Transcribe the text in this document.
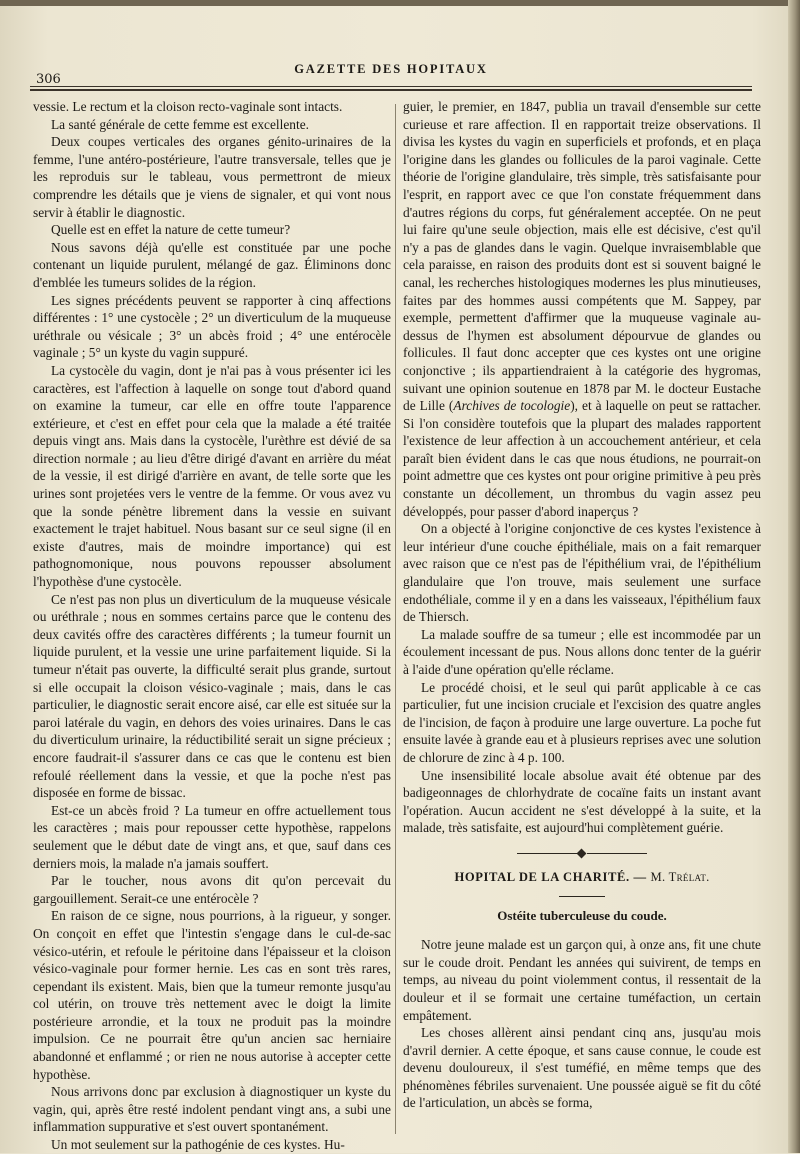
306
GAZETTE DES HOPITAUX

vessie. Le rectum et la cloison recto-vaginale sont intacts.

La santé générale de cette femme est excellente.

Deux coupes verticales des organes génito-urinaires de la femme, l'une antéro-postérieure, l'autre transversale, telles que je les reproduis sur le tableau, vous permettront de mieux comprendre les détails que je viens de signaler, et qui vont nous servir à établir le diagnostic.

Quelle est en effet la nature de cette tumeur?

Nous savons déjà qu'elle est constituée par une poche contenant un liquide purulent, mélangé de gaz. Éliminons donc d'emblée les tumeurs solides de la région.

Les signes précédents peuvent se rapporter à cinq affections différentes : 1° une cystocèle ; 2° un diverticulum de la muqueuse uréthrale ou vésicale ; 3° un abcès froid ; 4° une entérocèle vaginale ; 5° un kyste du vagin suppuré.

La cystocèle du vagin, dont je n'ai pas à vous présenter ici les caractères, est l'affection à laquelle on songe tout d'abord quand on examine la tumeur, car elle en offre toute l'apparence extérieure, et c'est en effet pour cela que la malade a été traitée depuis vingt ans. Mais dans la cystocèle, l'urèthre est dévié de sa direction normale ; au lieu d'être dirigé d'avant en arrière du méat de la vessie, il est dirigé d'arrière en avant, de telle sorte que les urines sont projetées vers le ventre de la femme. Or vous avez vu que la sonde pénètre librement dans la vessie en suivant exactement le trajet habituel. Nous basant sur ce seul signe (il en existe d'autres, mais de moindre importance) qui est pathognomonique, nous pouvons repousser absolument l'hypothèse d'une cystocèle.

Ce n'est pas non plus un diverticulum de la muqueuse vésicale ou uréthrale ; nous en sommes certains parce que le contenu des deux cavités offre des caractères différents ; la tumeur fournit un liquide purulent, et la vessie une urine parfaitement liquide. Si la tumeur n'était pas ouverte, la difficulté serait plus grande, surtout si elle occupait la cloison vésico-vaginale ; mais, dans le cas particulier, le diagnostic serait encore aisé, car elle est située sur la paroi latérale du vagin, en dehors des voies urinaires. Dans le cas du diverticulum urinaire, la réductibilité serait un signe précieux ; encore faudrait-il s'assurer dans ce cas que le contenu est bien refoulé réellement dans la vessie, et que la poche n'est pas disposée en forme de bissac.

Est-ce un abcès froid ? La tumeur en offre actuellement tous les caractères ; mais pour repousser cette hypothèse, rappelons seulement que le début date de vingt ans, et que, sauf dans ces derniers mois, la malade n'a jamais souffert.

Par le toucher, nous avons dit qu'on percevait du gargouillement. Serait-ce une entérocèle ?

En raison de ce signe, nous pourrions, à la rigueur, y songer. On conçoit en effet que l'intestin s'engage dans le cul-de-sac vésico-utérin, et refoule le péritoine dans l'épaisseur et la cloison vésico-vaginale pour former hernie. Les cas en sont très rares, cependant ils existent. Mais, bien que la tumeur remonte jusqu'au col utérin, on trouve très nettement avec le doigt la limite postérieure arrondie, et la toux ne produit pas la moindre impulsion. Ce ne pourrait être qu'un ancien sac herniaire abandonné et enflammé ; or rien ne nous autorise à accepter cette hypothèse.

Nous arrivons donc par exclusion à diagnostiquer un kyste du vagin, qui, après être resté indolent pendant vingt ans, a subi une inflammation suppurative et s'est ouvert spontanément.

Un mot seulement sur la pathogénie de ces kystes. Hu-

guier, le premier, en 1847, publia un travail d'ensemble sur cette curieuse et rare affection. Il en rapportait treize observations. Il divisa les kystes du vagin en superficiels et profonds, et en plaça l'origine dans les glandes ou follicules de la paroi vaginale. Cette théorie de l'origine glandulaire, très simple, très satisfaisante pour l'esprit, en rapport avec ce que l'on constate fréquemment dans d'autres régions du corps, fut généralement acceptée. On ne peut lui faire qu'une seule objection, mais elle est décisive, c'est qu'il n'y a pas de glandes dans le vagin. Quelque invraisemblable que cela paraisse, en raison des produits dont est si souvent baigné le canal, les recherches histologiques modernes les plus minutieuses, faites par des hommes aussi compétents que M. Sappey, par exemple, permettent d'affirmer que la muqueuse vaginale au-dessus de l'hymen est absolument dépourvue de glandes ou follicules. Il faut donc accepter que ces kystes ont une origine conjonctive ; ils appartiendraient à la catégorie des hygromas, suivant une opinion soutenue en 1878 par M. le docteur Eustache de Lille (Archives de tocologie), et à laquelle on peut se rattacher. Si l'on considère toutefois que la plupart des malades rapportent l'existence de leur affection à un accouchement antérieur, et cela paraît bien évident dans le cas que nous étudions, ne pourrait-on point admettre que ces kystes ont pour origine primitive à peu près constante un décollement, un thrombus du vagin assez peu développés, pour passer d'abord inaperçus ?

On a objecté à l'origine conjonctive de ces kystes l'existence à leur intérieur d'une couche épithéliale, mais on a fait remarquer avec raison que ce n'est pas de l'épithélium vrai, de l'épithélium glandulaire que l'on trouve, mais seulement une surface endothéliale, comme il y en a dans les vaisseaux, l'épithélium faux de Thiersch.

La malade souffre de sa tumeur ; elle est incommodée par un écoulement incessant de pus. Nous allons donc tenter de la guérir à l'aide d'une opération qu'elle réclame.

Le procédé choisi, et le seul qui parût applicable à ce cas particulier, fut une incision cruciale et l'excision des quatre angles de l'incision, de façon à produire une large ouverture. La poche fut ensuite lavée à grande eau et à plusieurs reprises avec une solution de chlorure de zinc à 4 p. 100.

Une insensibilité locale absolue avait été obtenue par des badigeonnages de chlorhydrate de cocaïne faits un instant avant l'opération. Aucun accident ne s'est développé à la suite, et la malade, très satisfaite, est aujourd'hui complètement guérie.

HOPITAL DE LA CHARITÉ. — M. Trélat.
Ostéite tuberculeuse du coude.

Notre jeune malade est un garçon qui, à onze ans, fit une chute sur le coude droit. Pendant les années qui suivirent, de temps en temps, au niveau du point violemment contus, il ressentait de la douleur et il se formait une certaine tuméfaction, un certain empâtement.

Les choses allèrent ainsi pendant cinq ans, jusqu'au mois d'avril dernier. A cette époque, et sans cause connue, le coude est devenu douloureux, il s'est tuméfié, en même temps que des phénomènes fébriles survenaient. Une poussée aiguë se fit du côté de l'articulation, un abcès se forma,
